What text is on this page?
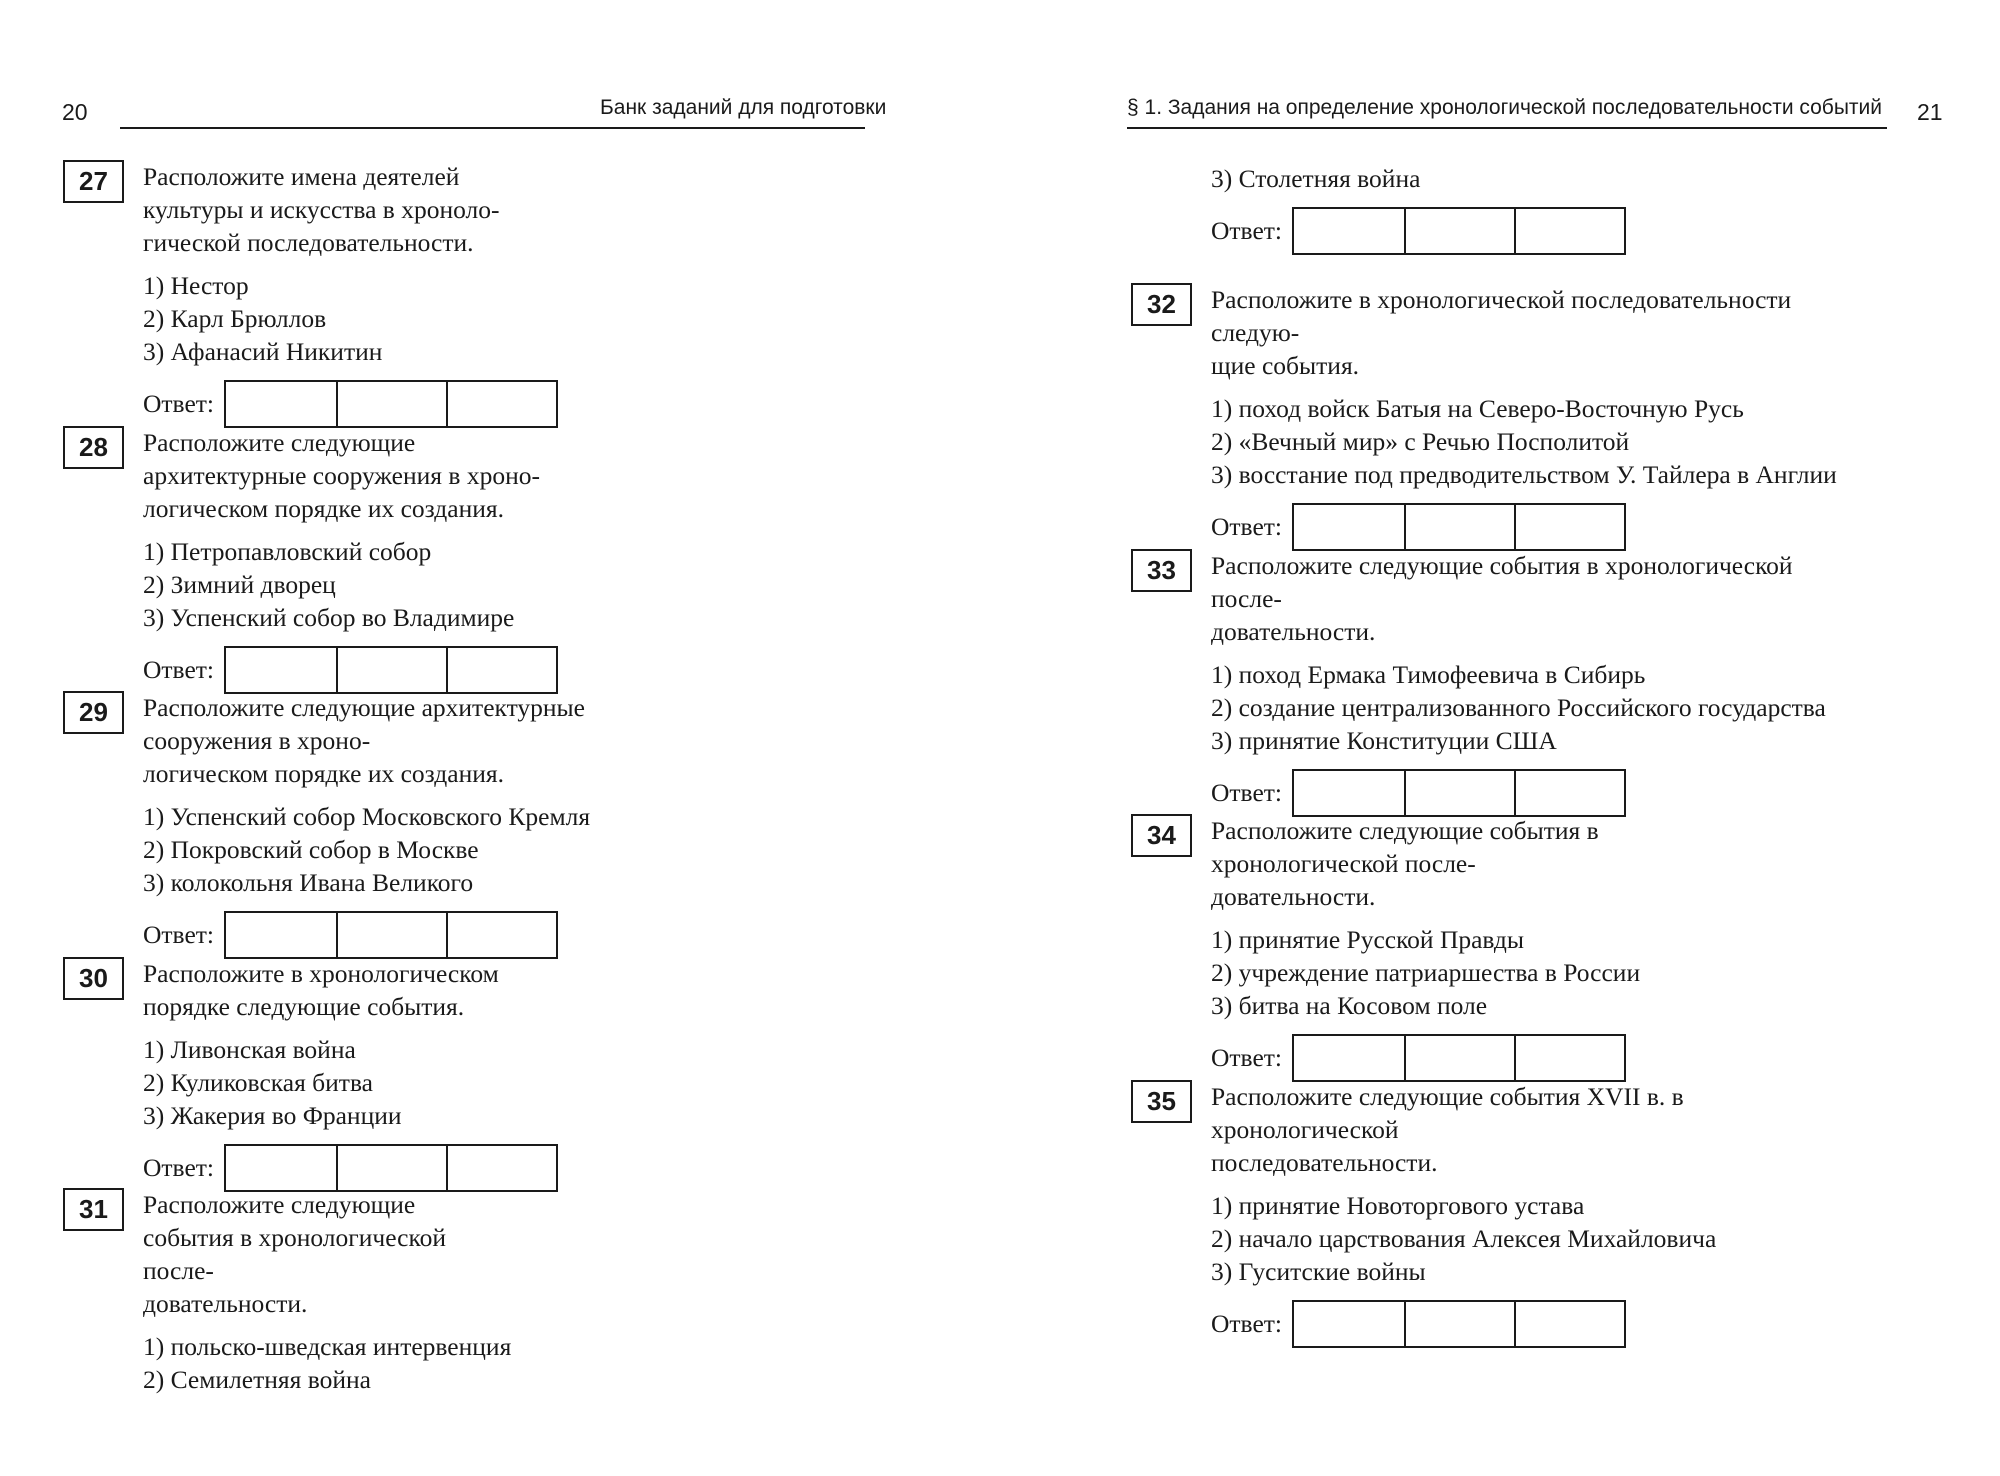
20	Банк заданий для подготовки
27	Расположите имена деятелей культуры и искусства в хроноло-
гической последовательности.

1) Нестор
2) Карл Брюллов
3) Афанасий Никитин
Ответ:
28	Расположите следующие архитектурные сооружения в хроно-
логическом порядке их создания.

1) Петропавловский собор
2) Зимний дворец
3) Успенский собор во Владимире
Ответ:
29	Расположите следующие архитектурные сооружения в хроно-
логическом порядке их создания.

1) Успенский собор Московского Кремля
2) Покровский собор в Москве
3) колокольня Ивана Великого
Ответ:
30	Расположите в хронологическом порядке следующие события.

1) Ливонская война
2) Куликовская битва
3) Жакерия во Франции
Ответ:
31	Расположите следующие события в хронологической после-
довательности.

1) польско-шведская интервенция
2) Семилетняя война
§ 1. Задания на определение хронологической последовательности событий 21
3) Столетняя война
Ответ:
32	Расположите в хронологической последовательности следую-
щие события.

1) поход войск Батыя на Северо-Восточную Русь
2) «Вечный мир» с Речью Посполитой
3) восстание под предводительством У. Тайлера в Англии
Ответ:
33	Расположите следующие события в хронологической после-
довательности.

1) поход Ермака Тимофеевича в Сибирь
2) создание централизованного Российского государства
3) принятие Конституции США
Ответ:
34	Расположите следующие события в хронологической после-
довательности.

1) принятие Русской Правды
2) учреждение патриаршества в России
3) битва на Косовом поле
Ответ:
35	Расположите следующие события XVII в. в хронологической
последовательности.

1) принятие Новоторгового устава
2) начало царствования Алексея Михайловича
3) Гуситские войны
Ответ:
